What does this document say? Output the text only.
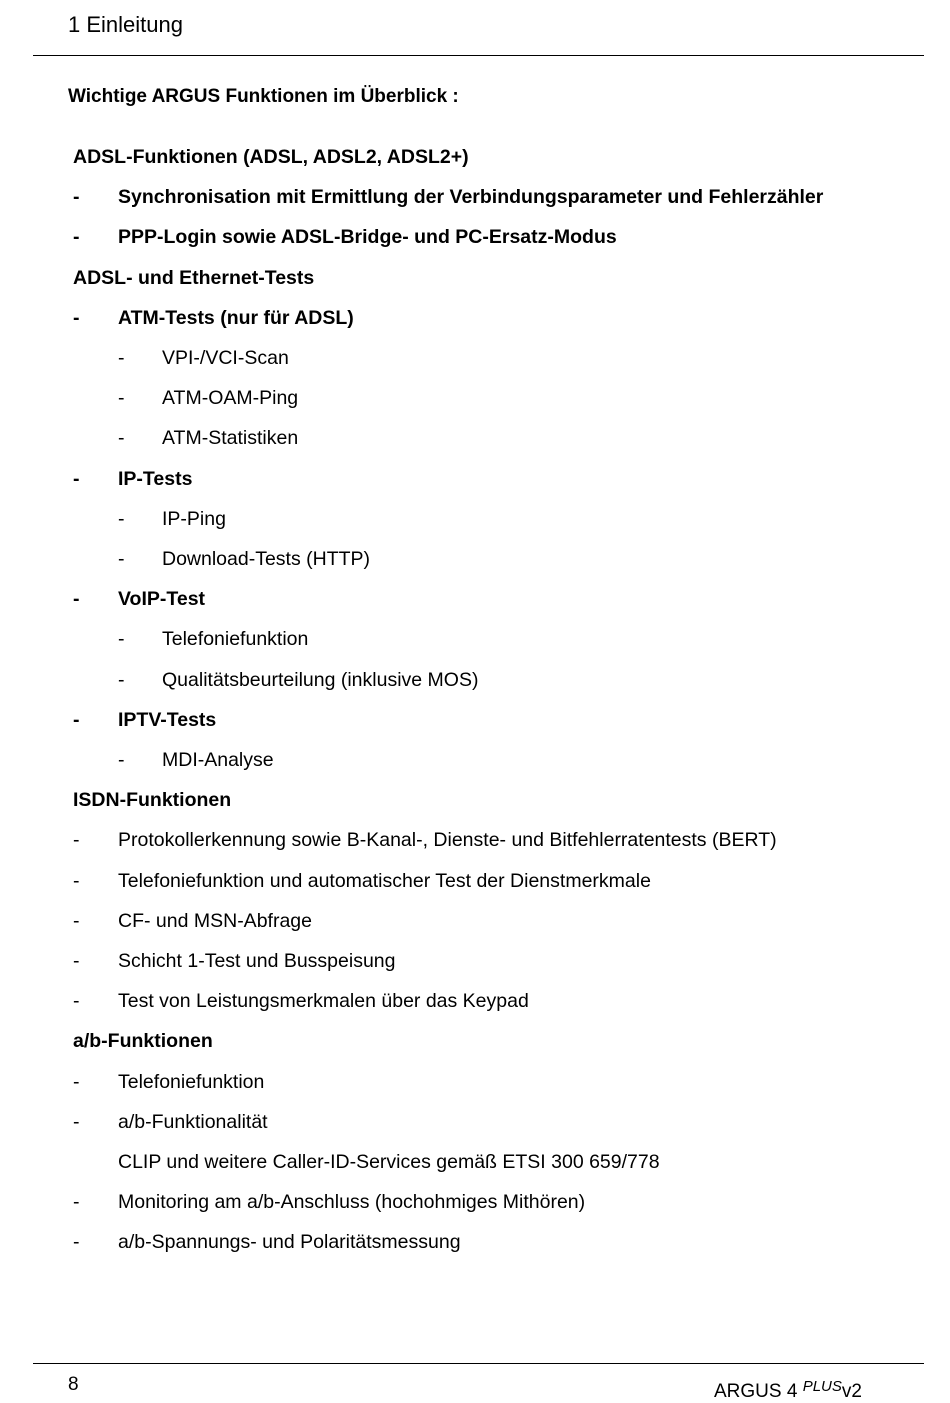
1 Einleitung
Wichtige ARGUS Funktionen im Überblick :
ADSL-Funktionen (ADSL, ADSL2, ADSL2+)
- Synchronisation mit Ermittlung der Verbindungsparameter und Fehlerzähler
- PPP-Login sowie ADSL-Bridge- und PC-Ersatz-Modus
ADSL- und Ethernet-Tests
- ATM-Tests (nur für ADSL)
- VPI-/VCI-Scan
- ATM-OAM-Ping
- ATM-Statistiken
- IP-Tests
- IP-Ping
- Download-Tests (HTTP)
- VoIP-Test
- Telefoniefunktion
- Qualitätsbeurteilung (inklusive MOS)
- IPTV-Tests
- MDI-Analyse
ISDN-Funktionen
- Protokollerkennung sowie B-Kanal-, Dienste- und Bitfehlerratentests (BERT)
- Telefoniefunktion und automatischer Test der Dienstmerkmale
- CF- und MSN-Abfrage
- Schicht 1-Test und Busspeisung
- Test von Leistungsmerkmalen über das Keypad
a/b-Funktionen
- Telefoniefunktion
- a/b-Funktionalität
CLIP und weitere Caller-ID-Services gemäß ETSI 300 659/778
- Monitoring am a/b-Anschluss (hochohmiges Mithören)
- a/b-Spannungs- und Polaritätsmessung
8	ARGUS 4 $^{PLUS}$v2
